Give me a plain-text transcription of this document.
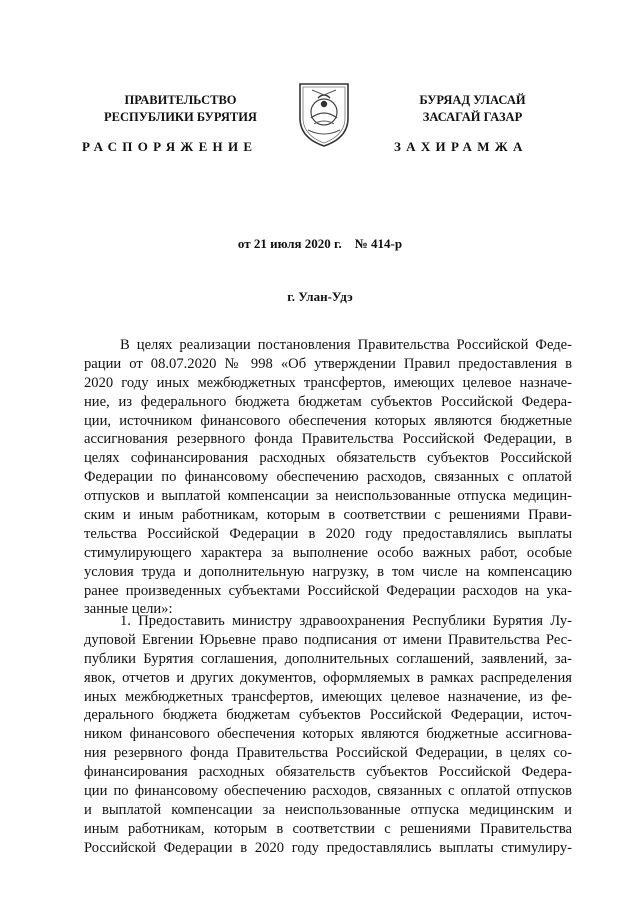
ПРАВИТЕЛЬСТВО
РЕСПУБЛИКИ БУРЯТИЯ
БУРЯАД УЛАСАЙ
ЗАСАГАЙ ГАЗАР
РАСПОРЯЖЕНИЕ	ЗАХИРАМЖА
от 21 июля 2020 г. № 414-р
г. Улан-Удэ
В целях реализации постановления Правительства Российской Феде-
рации от 08.07.2020 № 998 «Об утверждении Правил предоставления в
2020 году иных межбюджетных трансфертов, имеющих целевое назначе-
ние, из федерального бюджета бюджетам субъектов Российской Федера-
ции, источником финансового обеспечения которых являются бюджетные
ассигнования резервного фонда Правительства Российской Федерации, в
целях софинансирования расходных обязательств субъектов Российской
Федерации по финансовому обеспечению расходов, связанных с оплатой
отпусков и выплатой компенсации за неиспользованные отпуска медицин-
ским и иным работникам, которым в соответствии с решениями Прави-
тельства Российской Федерации в 2020 году предоставлялись выплаты
стимулирующего характера за выполнение особо важных работ, особые
условия труда и дополнительную нагрузку, в том числе на компенсацию
ранее произведенных субъектами Российской Федерации расходов на ука-
занные цели»:
1. Предоставить министру здравоохранения Республики Бурятия Лу-
дуповой Евгении Юрьевне право подписания от имени Правительства Рес-
публики Бурятия соглашения, дополнительных соглашений, заявлений, за-
явок, отчетов и других документов, оформляемых в рамках распределения
иных межбюджетных трансфертов, имеющих целевое назначение, из фе-
дерального бюджета бюджетам субъектов Российской Федерации, источ-
ником финансового обеспечения которых являются бюджетные ассигнова-
ния резервного фонда Правительства Российской Федерации, в целях со-
финансирования расходных обязательств субъектов Российской Федера-
ции по финансовому обеспечению расходов, связанных с оплатой отпусков
и выплатой компенсации за неиспользованные отпуска медицинским и
иным работникам, которым в соответствии с решениями Правительства
Российской Федерации в 2020 году предоставлялись выплаты стимулиру-
